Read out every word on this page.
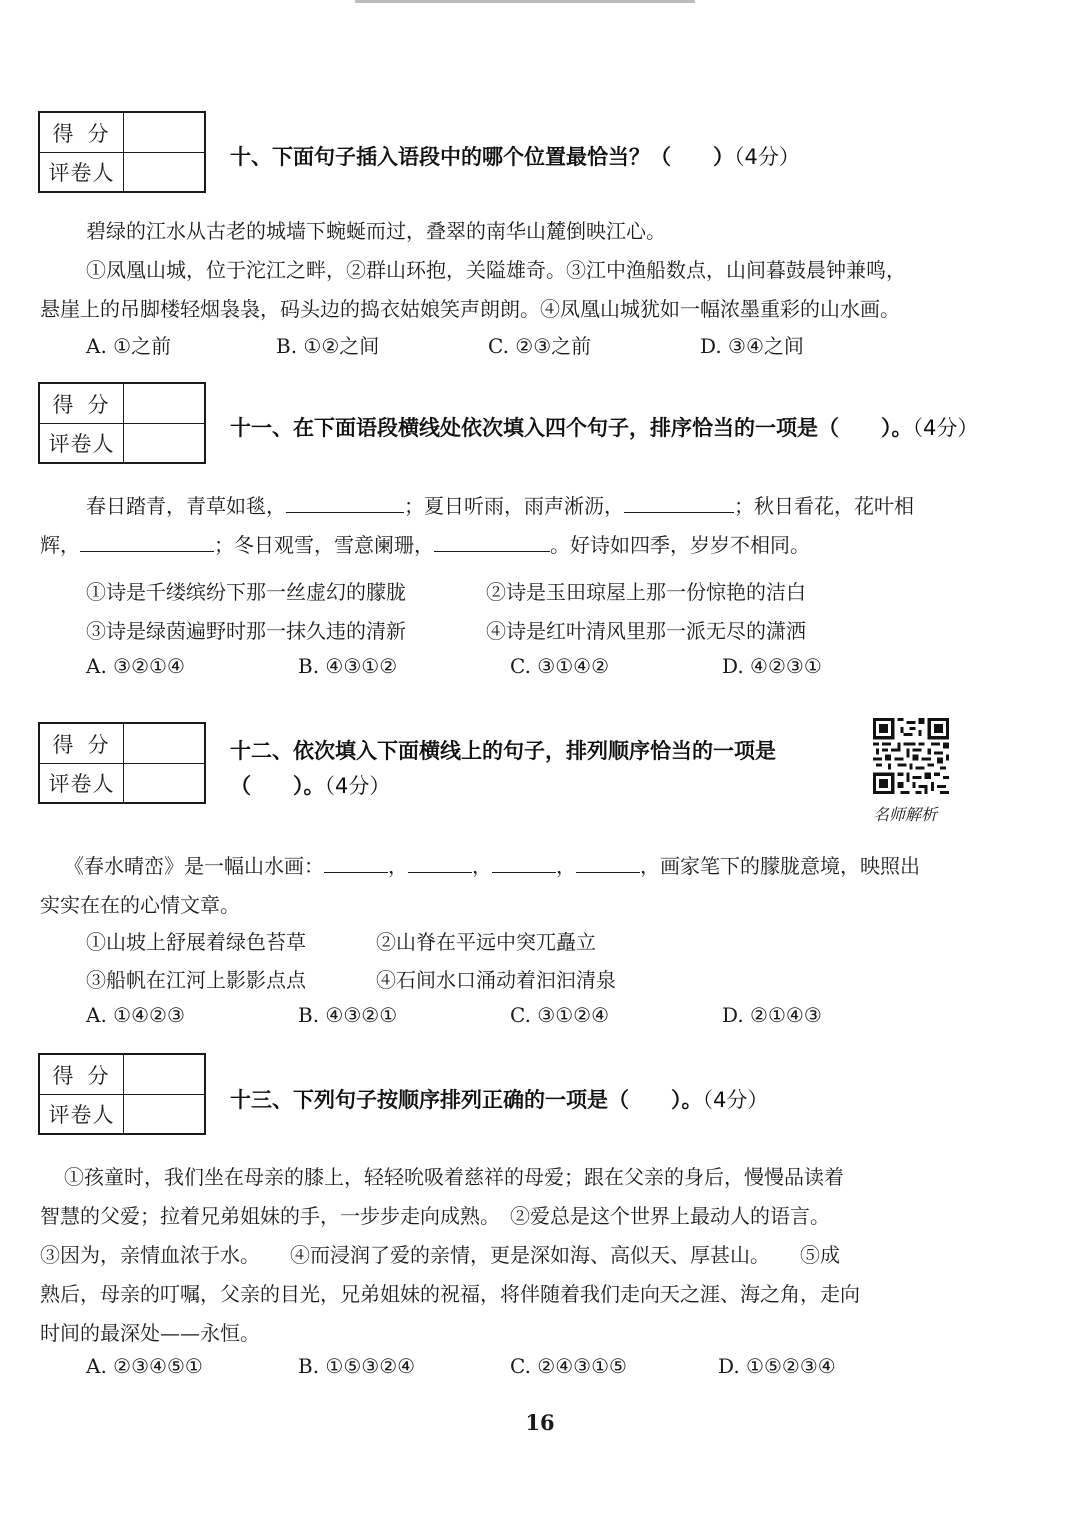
得分
评卷人
十、下面句子插入语段中的哪个位置最恰当？（　　）（4分）
碧绿的江水从古老的城墙下蜿蜒而过，叠翠的南华山麓倒映江心。
①凤凰山城，位于沱江之畔，②群山环抱，关隘雄奇。③江中渔船数点，山间暮鼓晨钟兼鸣，
悬崖上的吊脚楼轻烟袅袅，码头边的捣衣姑娘笑声朗朗。④凤凰山城犹如一幅浓墨重彩的山水画。
A. ①之前	B. ①②之间	C. ②③之前	D. ③④之间
得分
评卷人
十一、在下面语段横线处依次填入四个句子，排序恰当的一项是（　　）。（4分）
春日踏青，青草如毯，	；夏日听雨，雨声淅沥，	；秋日看花，花叶相
辉，	；冬日观雪，雪意阑珊，	。好诗如四季，岁岁不相同。
①诗是千缕缤纷下那一丝虚幻的朦胧	②诗是玉田琼屋上那一份惊艳的洁白
③诗是绿茵遍野时那一抹久违的清新	④诗是红叶清风里那一派无尽的潇洒
A. ③②①④	B. ④③①②	C. ③①④②	D. ④②③①
得分
评卷人
十二、依次填入下面横线上的句子，排列顺序恰当的一项是
（　　）。（4分）
名师解析
《春水晴峦》是一幅山水画：	，	，	，	，画家笔下的朦胧意境，映照出
实实在在的心情文章。
①山坡上舒展着绿色苔草	②山脊在平远中突兀矗立
③船帆在江河上影影点点	④石间水口涌动着汩汩清泉
A. ①④②③	B. ④③②①	C. ③①②④	D. ②①④③
得分
评卷人
十三、下列句子按顺序排列正确的一项是（　　）。（4分）
①孩童时，我们坐在母亲的膝上，轻轻吮吸着慈祥的母爱；跟在父亲的身后，慢慢品读着
智慧的父爱；拉着兄弟姐妹的手，一步步走向成熟。　②爱总是这个世界上最动人的语言。
③因为，亲情血浓于水。　　④而浸润了爱的亲情，更是深如海、高似天、厚甚山。　　⑤成
熟后，母亲的叮嘱，父亲的目光，兄弟姐妹的祝福，将伴随着我们走向天之涯、海之角，走向
时间的最深处——永恒。
A. ②③④⑤①	B. ①⑤③②④	C. ②④③①⑤	D. ①⑤②③④
16
